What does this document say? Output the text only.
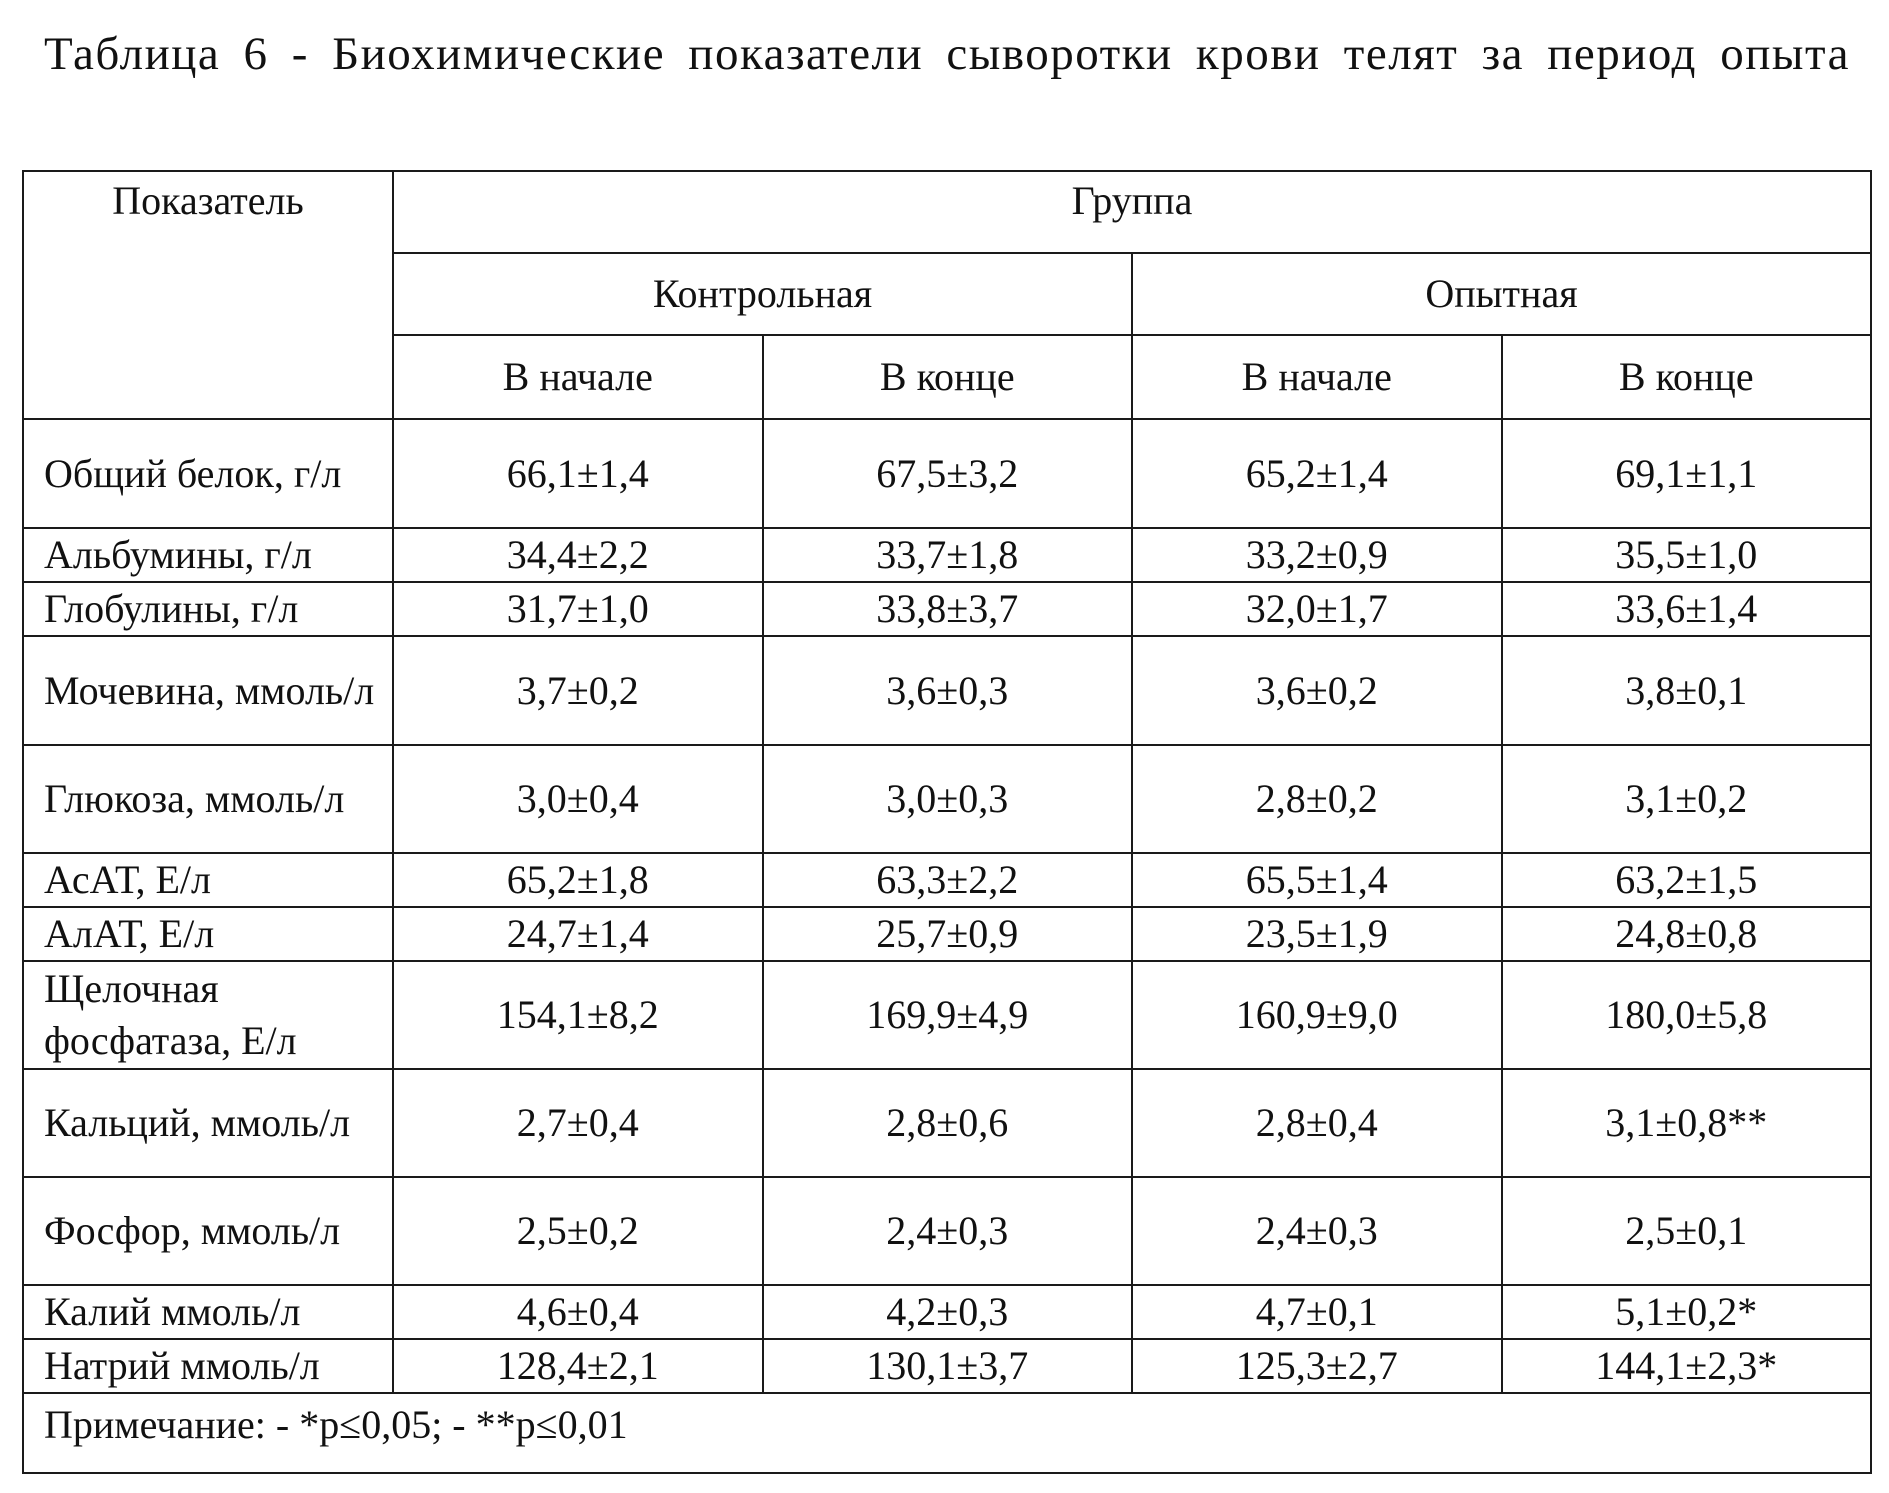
Таблица 6 - Биохимические показатели сыворотки крови телят за период опыта
Показатель	Группа
Контрольная	Опытная

В начале	В конце	В начале	В конце
Общий белок, г/л	66,1±1,4	67,5±3,2	65,2±1,4	69,1±1,1
Альбумины, г/л	34,4±2,2	33,7±1,8	33,2±0,9	35,5±1,0
Глобулины, г/л	31,7±1,0	33,8±3,7	32,0±1,7	33,6±1,4
Мочевина, ммоль/л	3,7±0,2	3,6±0,3	3,6±0,2	3,8±0,1
Глюкоза, ммоль/л	3,0±0,4	3,0±0,3	2,8±0,2	3,1±0,2
АсАТ, Е/л	65,2±1,8	63,3±2,2	65,5±1,4	63,2±1,5
АлАТ, Е/л	24,7±1,4	25,7±0,9	23,5±1,9	24,8±0,8
Щелочная фосфатаза, Е/л	154,1±8,2	169,9±4,9	160,9±9,0	180,0±5,8
Кальций, ммоль/л	2,7±0,4	2,8±0,6	2,8±0,4	3,1±0,8**
Фосфор, ммоль/л	2,5±0,2	2,4±0,3	2,4±0,3	2,5±0,1
Калий ммоль/л	4,6±0,4	4,2±0,3	4,7±0,1	5,1±0,2*
Натрий ммоль/л	128,4±2,1	130,1±3,7	125,3±2,7	144,1±2,3*
Примечание: - *р≤0,05; - **р≤0,01
